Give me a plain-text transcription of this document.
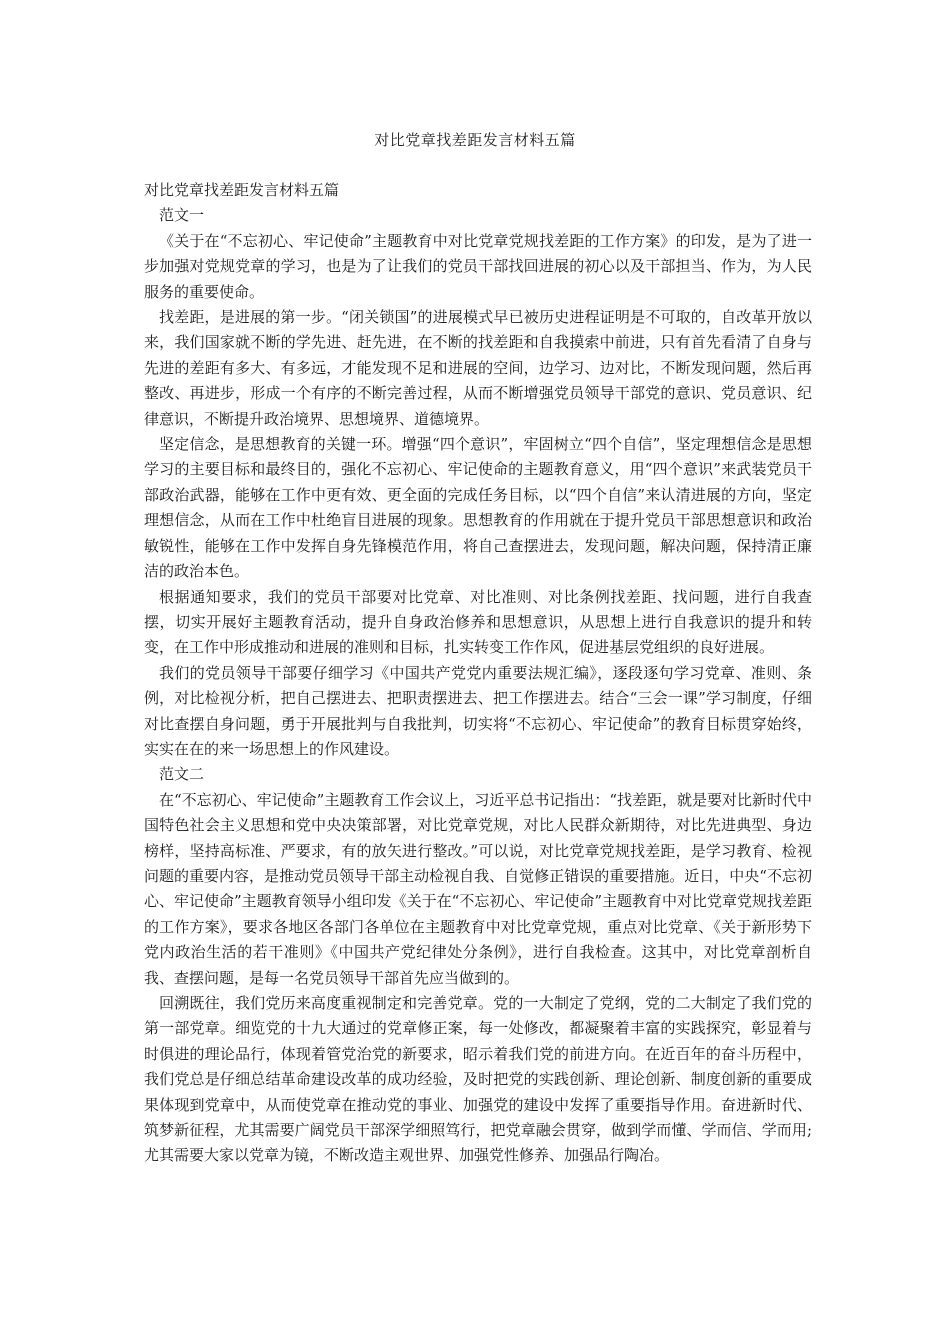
对比党章找差距发言材料五篇

对比党章找差距发言材料五篇

范文一

《关于在“不忘初心、牢记使命”主题教育中对比党章党规找差距的工作方案》的印发，是为了进一步加强对党规党章的学习，也是为了让我们的党员干部找回进展的初心以及干部担当、作为，为人民服务的重要使命。

找差距，是进展的第一步。“闭关锁国”的进展模式早已被历史进程证明是不可取的，自改革开放以来，我们国家就不断的学先进、赶先进，在不断的找差距和自我摸索中前进，只有首先看清了自身与先进的差距有多大、有多远，才能发现不足和进展的空间，边学习、边对比，不断发现问题，然后再整改、再进步，形成一个有序的不断完善过程，从而不断增强党员领导干部党的意识、党员意识、纪律意识，不断提升政治境界、思想境界、道德境界。

坚定信念，是思想教育的关键一环。增强“四个意识”，牢固树立“四个自信”，坚定理想信念是思想学习的主要目标和最终目的，强化不忘初心、牢记使命的主题教育意义，用“四个意识”来武装党员干部政治武器，能够在工作中更有效、更全面的完成任务目标，以“四个自信”来认清进展的方向，坚定理想信念，从而在工作中杜绝盲目进展的现象。思想教育的作用就在于提升党员干部思想意识和政治敏锐性，能够在工作中发挥自身先锋模范作用，将自己查摆进去，发现问题，解决问题，保持清正廉洁的政治本色。

根据通知要求，我们的党员干部要对比党章、对比准则、对比条例找差距、找问题，进行自我查摆，切实开展好主题教育活动，提升自身政治修养和思想意识，从思想上进行自我意识的提升和转变，在工作中形成推动和进展的准则和目标，扎实转变工作作风，促进基层党组织的良好进展。

我们的党员领导干部要仔细学习《中国共产党党内重要法规汇编》，逐段逐句学习党章、准则、条例，对比检视分析，把自己摆进去、把职责摆进去、把工作摆进去。结合“三会一课”学习制度，仔细对比查摆自身问题，勇于开展批判与自我批判，切实将“不忘初心、牢记使命”的教育目标贯穿始终，实实在在的来一场思想上的作风建设。

范文二

在“不忘初心、牢记使命”主题教育工作会议上，习近平总书记指出：“找差距，就是要对比新时代中国特色社会主义思想和党中央决策部署，对比党章党规，对比人民群众新期待，对比先进典型、身边榜样，坚持高标准、严要求，有的放矢进行整改。”可以说，对比党章党规找差距，是学习教育、检视问题的重要内容，是推动党员领导干部主动检视自我、自觉修正错误的重要措施。近日，中央“不忘初心、牢记使命”主题教育领导小组印发《关于在“不忘初心、牢记使命”主题教育中对比党章党规找差距的工作方案》，要求各地区各部门各单位在主题教育中对比党章党规，重点对比党章、《关于新形势下党内政治生活的若干准则》《中国共产党纪律处分条例》，进行自我检查。这其中，对比党章剖析自我、查摆问题，是每一名党员领导干部首先应当做到的。

回溯既往，我们党历来高度重视制定和完善党章。党的一大制定了党纲，党的二大制定了我们党的第一部党章。细览党的十九大通过的党章修正案，每一处修改，都凝聚着丰富的实践探究，彰显着与时俱进的理论品行，体现着管党治党的新要求，昭示着我们党的前进方向。在近百年的奋斗历程中，我们党总是仔细总结革命建设改革的成功经验，及时把党的实践创新、理论创新、制度创新的重要成果体现到党章中，从而使党章在推动党的事业、加强党的建设中发挥了重要指导作用。奋进新时代、筑梦新征程，尤其需要广阔党员干部深学细照笃行，把党章融会贯穿，做到学而懂、学而信、学而用;尤其需要大家以党章为镜，不断改造主观世界、加强党性修养、加强品行陶冶。
